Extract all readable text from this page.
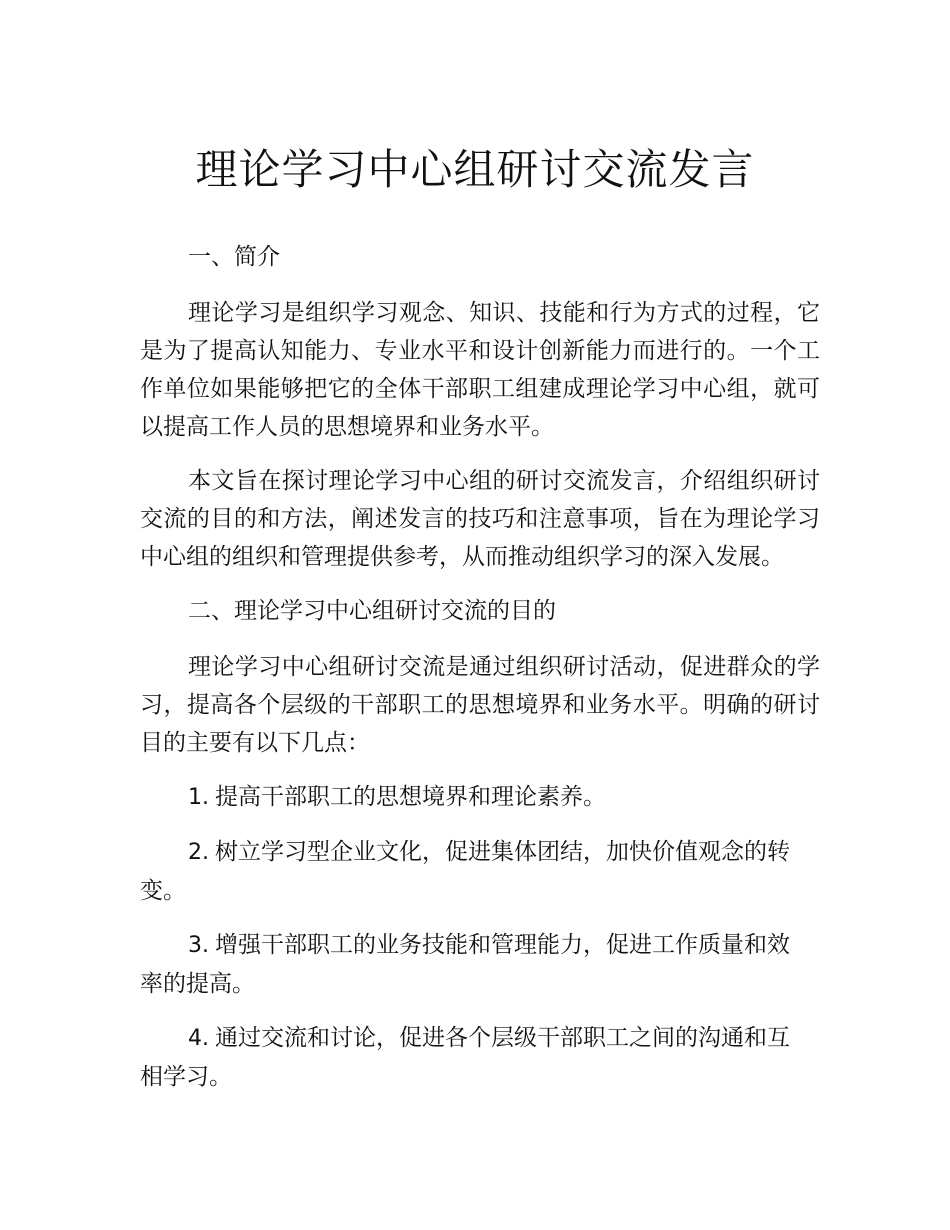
理论学习中心组研讨交流发言

一、简介

理论学习是组织学习观念、知识、技能和行为方式的过程，它是为了提高认知能力、专业水平和设计创新能力而进行的。一个工作单位如果能够把它的全体干部职工组建成理论学习中心组，就可以提高工作人员的思想境界和业务水平。

本文旨在探讨理论学习中心组的研讨交流发言，介绍组织研讨交流的目的和方法，阐述发言的技巧和注意事项，旨在为理论学习中心组的组织和管理提供参考，从而推动组织学习的深入发展。

二、理论学习中心组研讨交流的目的

理论学习中心组研讨交流是通过组织研讨活动，促进群众的学习，提高各个层级的干部职工的思想境界和业务水平。明确的研讨目的主要有以下几点：

1. 提高干部职工的思想境界和理论素养。

2. 树立学习型企业文化，促进集体团结，加快价值观念的转变。

3. 增强干部职工的业务技能和管理能力，促进工作质量和效率的提高。

4. 通过交流和讨论，促进各个层级干部职工之间的沟通和互相学习。
